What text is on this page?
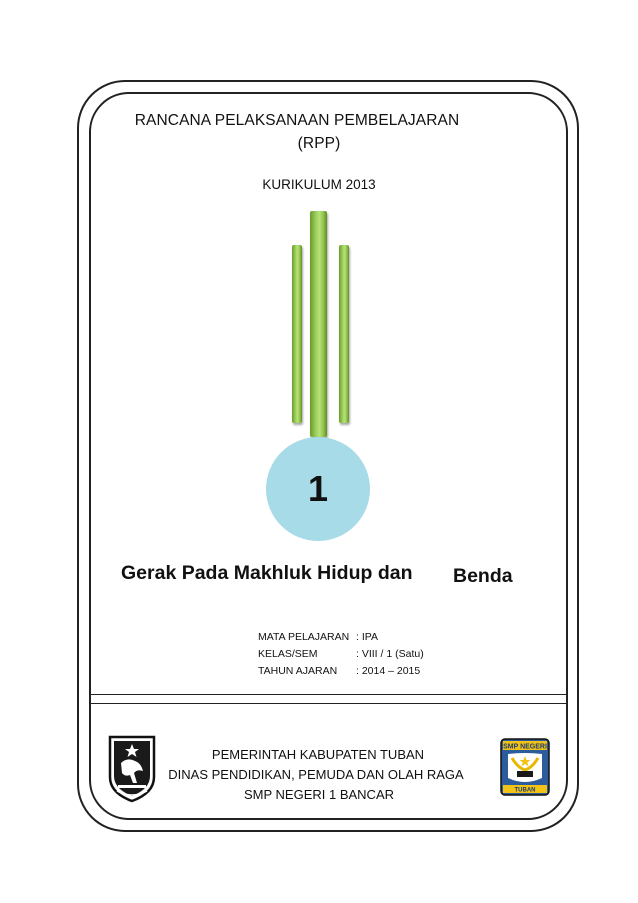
RANCANA PELAKSANAAN PEMBELAJARAN
(RPP)
KURIKULUM 2013
1
Gerak Pada Makhluk Hidup dan Benda
MATA PELAJARAN : IPA
KELAS/SEM	: VIII / 1 (Satu)
TAHUN AJARAN : 2014 – 2015
SMP NEGERI
TUBAN
PEMERINTAH KABUPATEN TUBAN
DINAS PENDIDIKAN, PEMUDA DAN OLAH RAGA
SMP NEGERI 1 BANCAR
